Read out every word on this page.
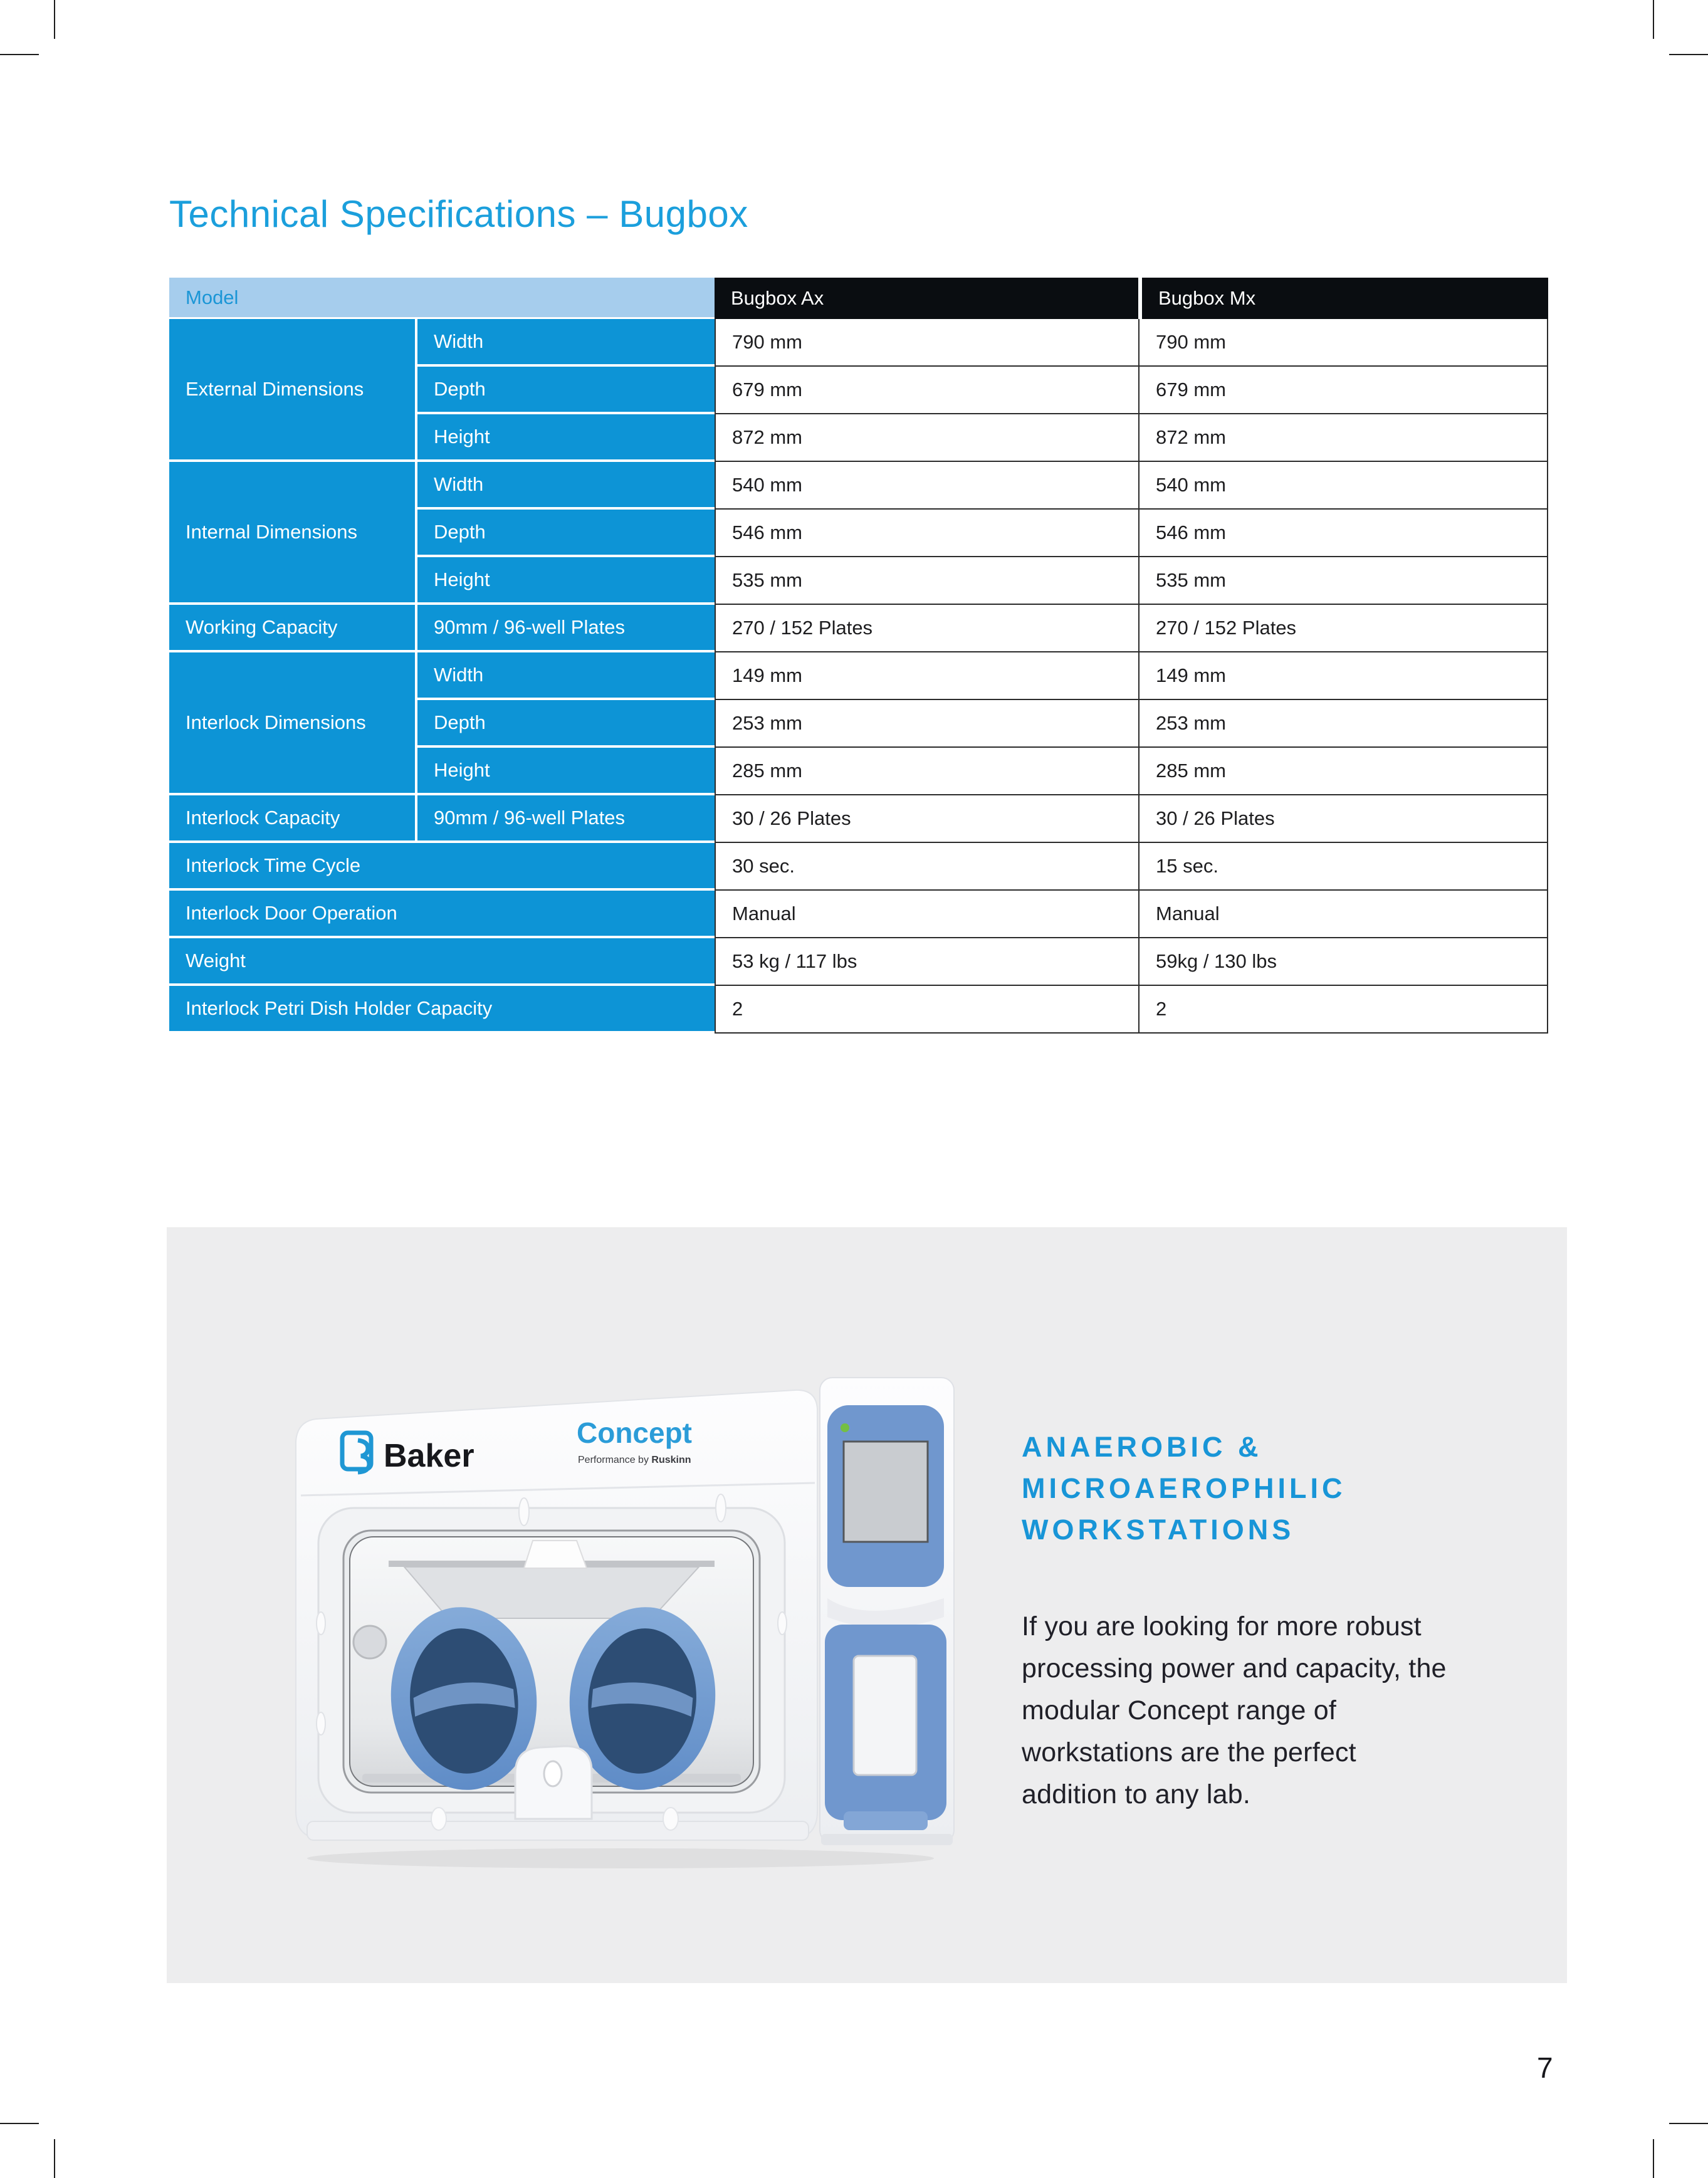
Technical Specifications – Bugbox
Model		Bugbox Ax	Bugbox Mx
External Dimensions	Width	790 mm	790 mm
	Depth	679 mm	679 mm
	Height	872 mm	872 mm
Internal Dimensions	Width	540 mm	540 mm
	Depth	546 mm	546 mm
	Height	535 mm	535 mm
Working Capacity	90mm / 96-well Plates	270 / 152 Plates	270 / 152 Plates
Interlock Dimensions	Width	149 mm	149 mm
	Depth	253 mm	253 mm
	Height	285 mm	285 mm
Interlock Capacity	90mm / 96-well Plates	30 / 26 Plates	30 / 26 Plates
Interlock Time Cycle		30 sec.	15 sec.
Interlock Door Operation		Manual	Manual
Weight		53 kg / 117 lbs	59kg / 130 lbs
Interlock Petri Dish Holder Capacity		2	2
Baker
Concept
Performance by Ruskinn	ANAEROBIC &
MICROAEROPHILIC
WORKSTATIONS
If you are looking for more robust processing power and capacity, the modular Concept range of workstations are the perfect addition to any lab.
7
